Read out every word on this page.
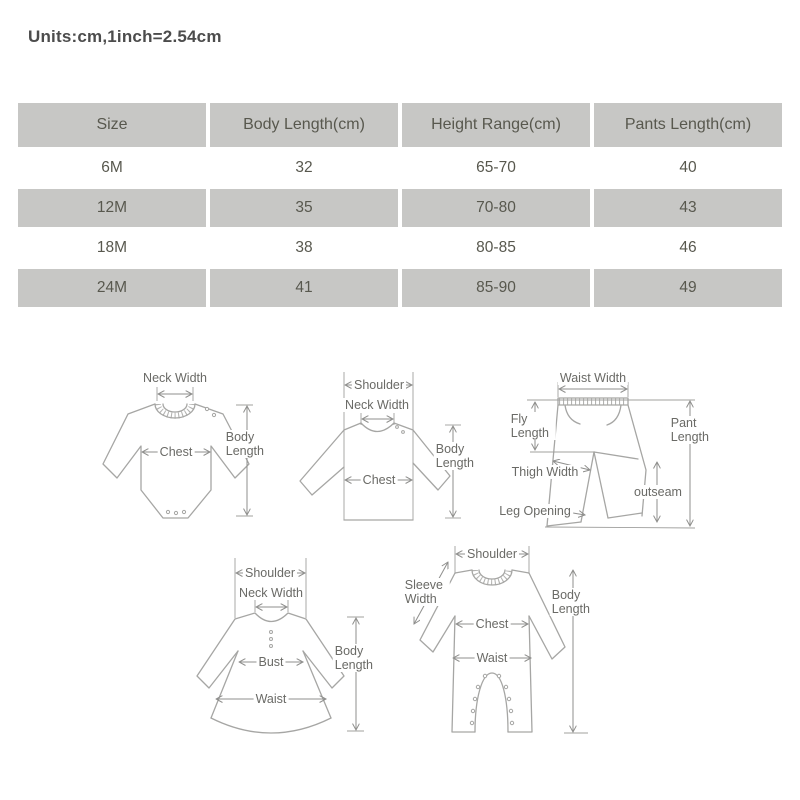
Units:cm,1inch=2.54cm
Size	Body Length(cm)	Height Range(cm)	Pants Length(cm)
6M	32	65-70	40
12M	35	70-80	43
18M	38	80-85	46
24M	41	85-90	49
Neck Width
Chest
Body Length
Shoulder
Neck Width
Chest
Body Length
Waist Width
Fly Length
Thigh Width
Leg Opening
outseam
Pant Length
Shoulder
Neck Width
Bust
Waist
Body Length
Shoulder
Sleeve Width
Chest
Waist
Body Length
